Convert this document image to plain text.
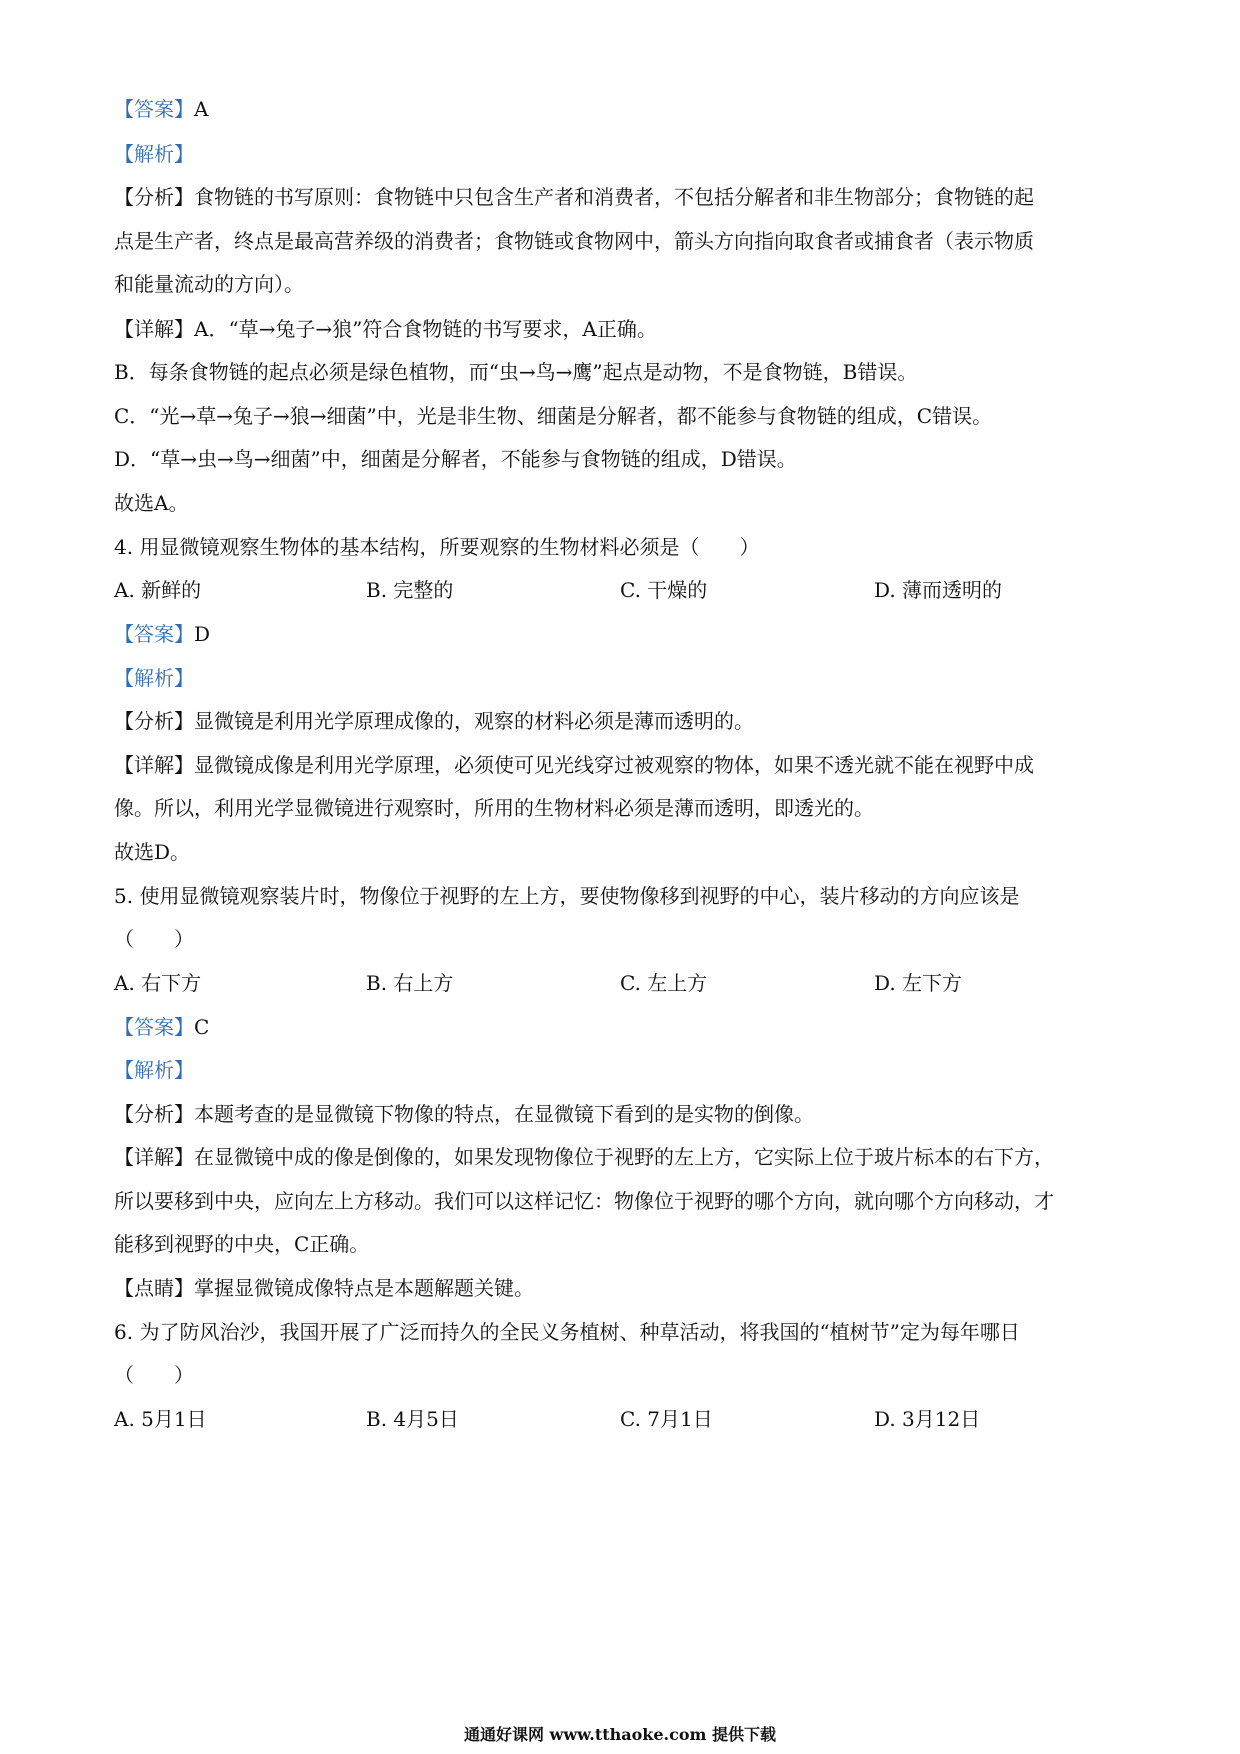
【答案】A
【解析】
【分析】食物链的书写原则：食物链中只包含生产者和消费者，不包括分解者和非生物部分；食物链的起
点是生产者，终点是最高营养级的消费者；食物链或食物网中，箭头方向指向取食者或捕食者（表示物质
和能量流动的方向）。
【详解】A．“草→兔子→狼”符合食物链的书写要求，A正确。
B．每条食物链的起点必须是绿色植物，而“虫→鸟→鹰”起点是动物，不是食物链，B错误。
C．“光→草→兔子→狼→细菌”中，光是非生物、细菌是分解者，都不能参与食物链的组成，C错误。
D．“草→虫→鸟→细菌”中，细菌是分解者，不能参与食物链的组成，D错误。
故选A。
4. 用显微镜观察生物体的基本结构，所要观察的生物材料必须是（　　）
A. 新鲜的	B. 完整的	C. 干燥的	D. 薄而透明的
【答案】D
【解析】
【分析】显微镜是利用光学原理成像的，观察的材料必须是薄而透明的。
【详解】显微镜成像是利用光学原理，必须使可见光线穿过被观察的物体，如果不透光就不能在视野中成
像。所以，利用光学显微镜进行观察时，所用的生物材料必须是薄而透明，即透光的。
故选D。
5. 使用显微镜观察装片时，物像位于视野的左上方，要使物像移到视野的中心，装片移动的方向应该是
（　　）
A. 右下方	B. 右上方	C. 左上方	D. 左下方
【答案】C
【解析】
【分析】本题考查的是显微镜下物像的特点，在显微镜下看到的是实物的倒像。
【详解】在显微镜中成的像是倒像的，如果发现物像位于视野的左上方，它实际上位于玻片标本的右下方，
所以要移到中央，应向左上方移动。我们可以这样记忆：物像位于视野的哪个方向，就向哪个方向移动，才
能移到视野的中央，C正确。
【点睛】掌握显微镜成像特点是本题解题关键。
6. 为了防风治沙，我国开展了广泛而持久的全民义务植树、种草活动，将我国的“植树节”定为每年哪日
（　　）
A. 5月1日	B. 4月5日	C. 7月1日	D. 3月12日
通通好课网 www.tthaoke.com 提供下载
